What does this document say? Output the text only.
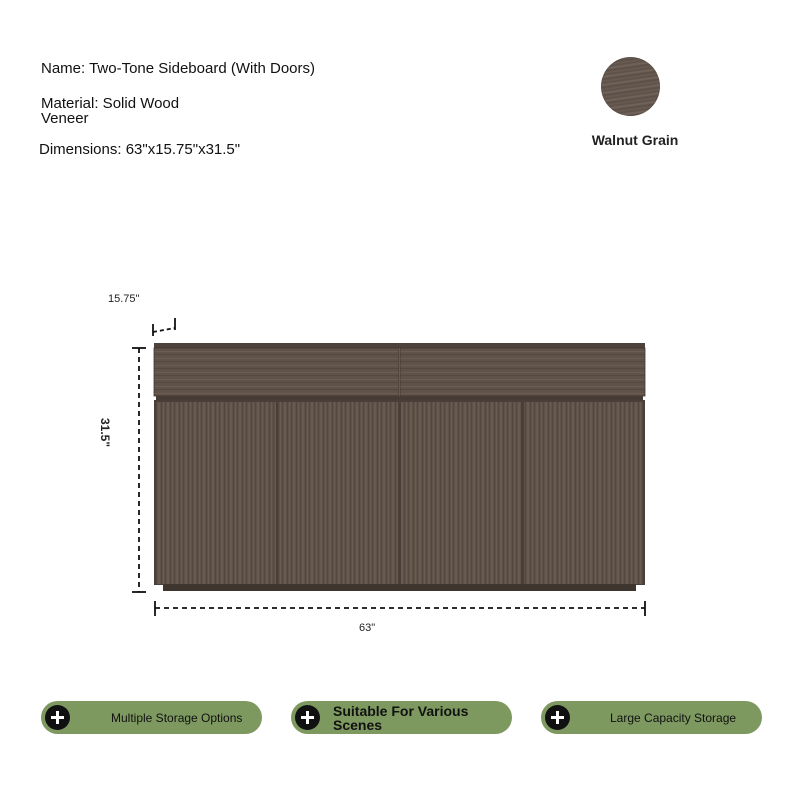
Name: Two-Tone Sideboard (With Doors)
Material: Solid Wood Veneer
Dimensions: 63"x15.75"x31.5"
Walnut Grain
15.75"
31.5"
63"
Multiple Storage Options	Suitable For Various Scenes	Large Capacity Storage
